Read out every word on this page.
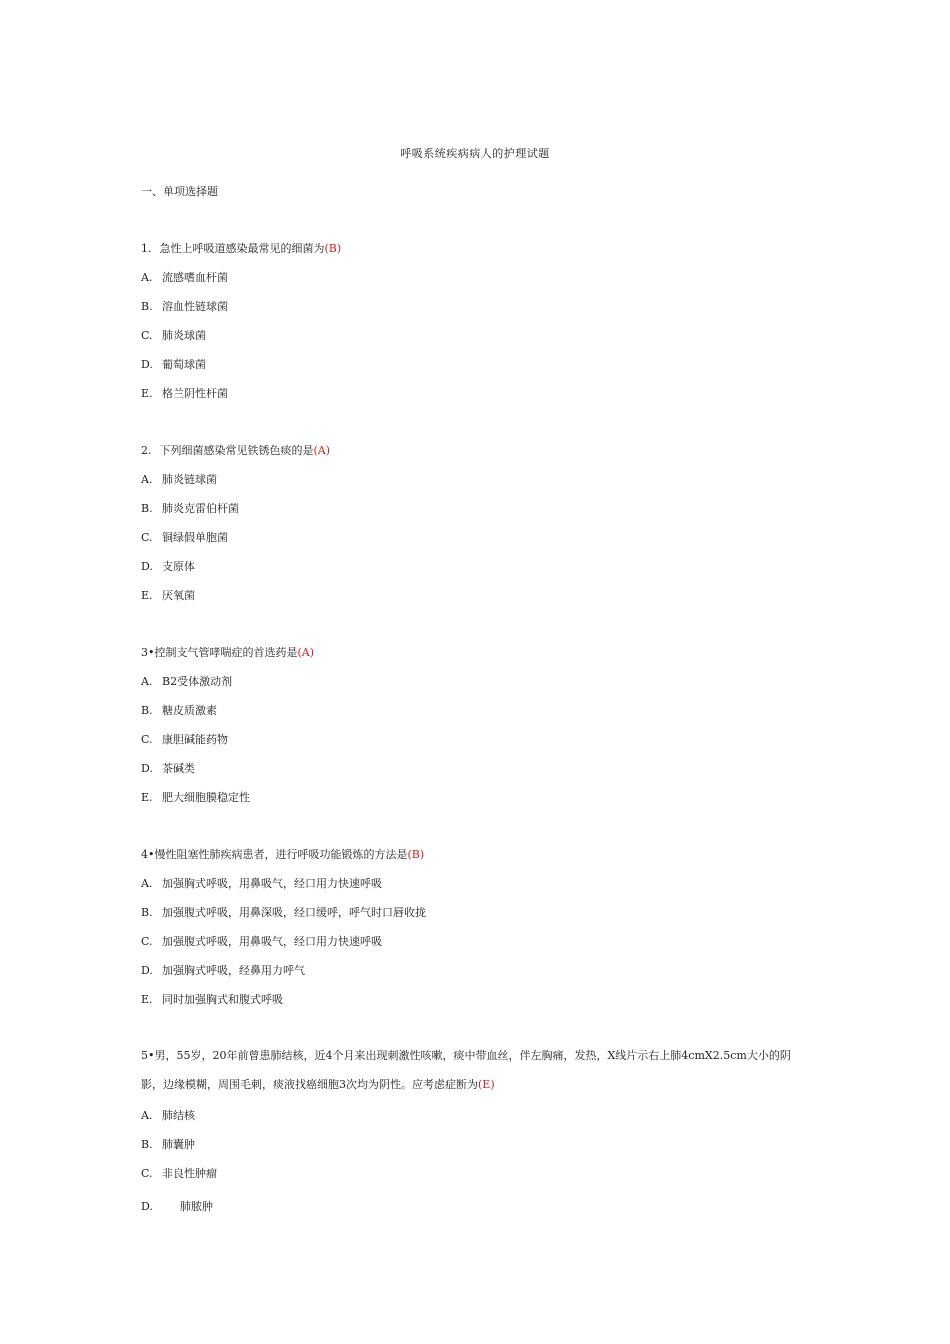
呼吸系统疾病病人的护理试题
一、单项选择题
1. 急性上呼吸道感染最常见的细菌为(B)
A. 流感嗜血杆菌
B. 溶血性链球菌
C. 肺炎球菌
D. 葡萄球菌
E. 格兰阴性杆菌
2. 下列细菌感染常见铁锈色痰的是(A)
A. 肺炎链球菌
B. 肺炎克雷伯杆菌
C. 铜绿假单胞菌
D. 支原体
E. 厌氧菌
3•控制支气管哮喘症的首选药是(A)
A. B2受体激动剂
B. 糖皮质激素
C. 康胆碱能药物
D. 茶碱类
E. 肥大细胞膜稳定性
4•慢性阻塞性肺疾病患者，进行呼吸功能锻炼的方法是(B)
A. 加强胸式呼吸，用鼻吸气，经口用力快速呼吸
B. 加强腹式呼吸，用鼻深吸，经口缓呼，呼气时口唇收拢
C. 加强腹式呼吸，用鼻吸气，经口用力快速呼吸
D. 加强胸式呼吸，经鼻用力呼气
E. 同时加强胸式和腹式呼吸
5•男，55岁，20年前曾患肺结核，近4个月来出现刺激性咳嗽，痰中带血丝，伴左胸痛，发热，X线片示右上肺4cmX2.5cm大小的阴影，边缘模糊，周围毛刺，痰液找癌细胞3次均为阴性。应考虑症断为(E)
A. 肺结核
B. 肺囊肿
C. 非良性肿瘤
D. 肺脓肿
